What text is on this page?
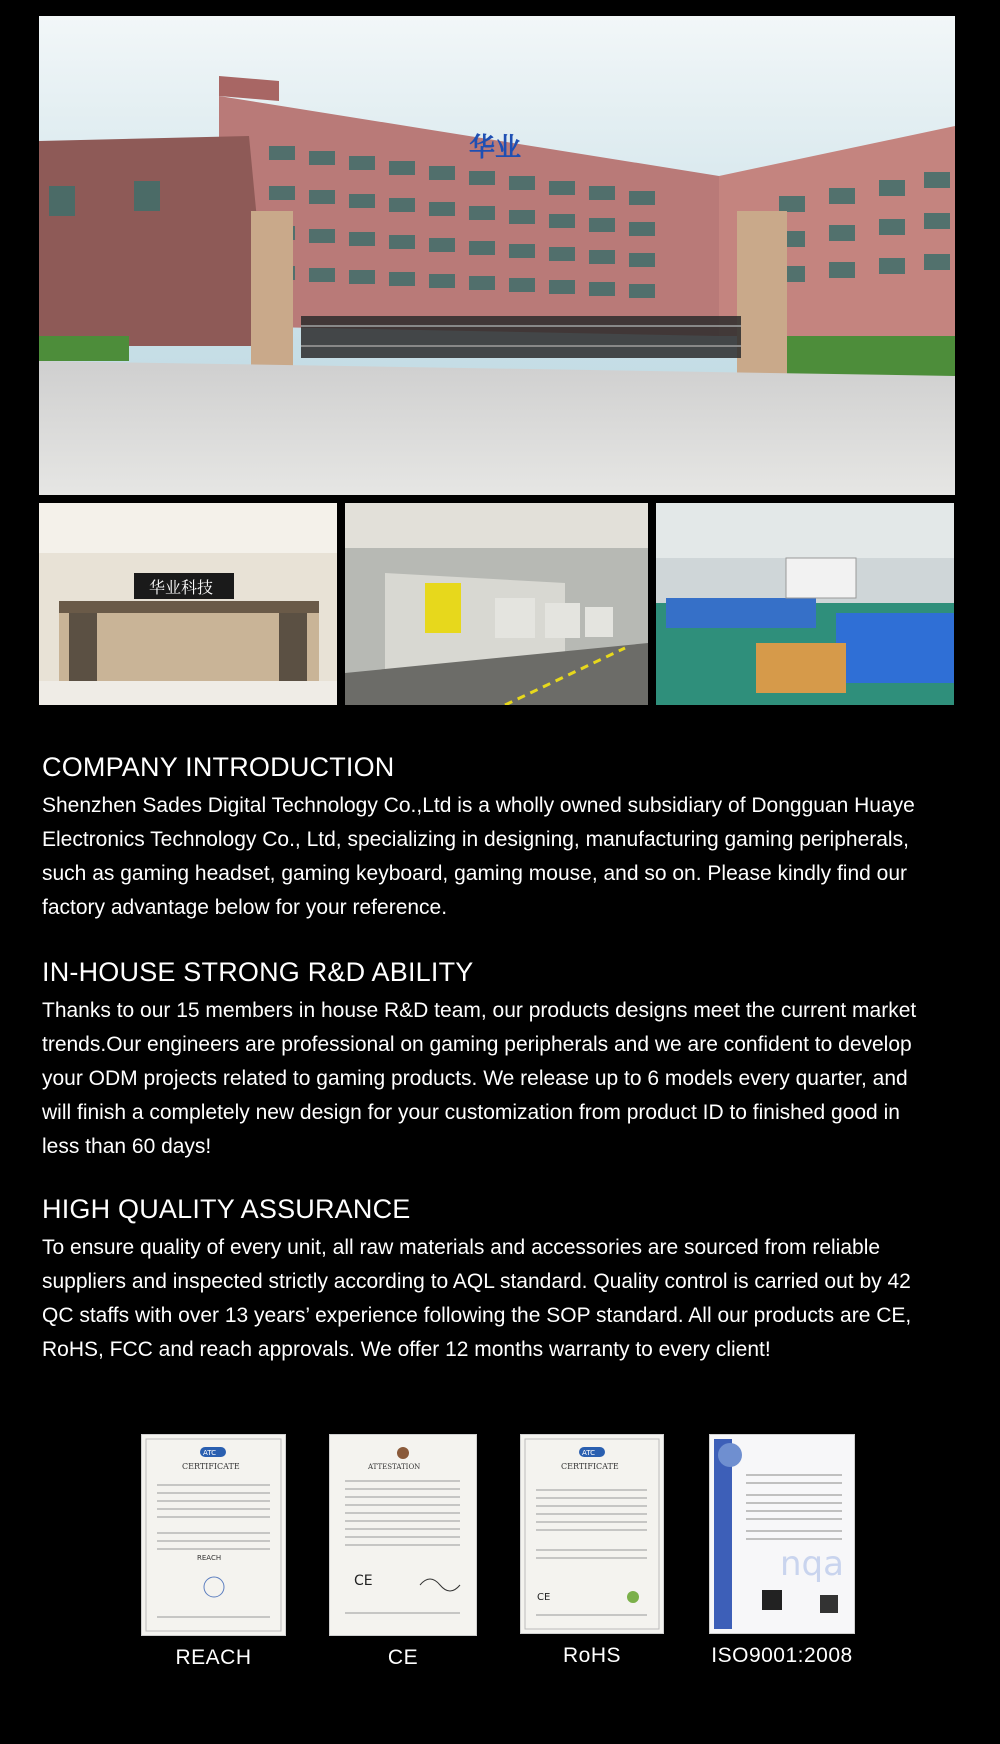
华业
华业科技
COMPANY INTRODUCTION

Shenzhen Sades Digital Technology Co.,Ltd is a wholly owned subsidiary of Dongguan Huaye
Electronics Technology Co., Ltd, specializing in designing, manufacturing gaming peripherals,
such as gaming headset, gaming keyboard, gaming mouse, and so on. Please kindly find our
factory advantage below for your reference.

IN-HOUSE STRONG R&D ABILITY

Thanks to our 15 members in house R&D team, our products designs meet the current market
trends.Our engineers are professional on gaming peripherals and we are confident to develop
your ODM projects related to gaming products. We release up to 6 models every quarter, and
will finish a completely new design for your customization from product ID to finished good in
less than 60 days!

HIGH QUALITY ASSURANCE

To ensure quality of every unit, all raw materials and accessories are sourced from reliable
suppliers and inspected strictly according to AQL standard. Quality control is carried out by 42
QC staffs with over 13 years’ experience following the SOP standard. All our products are CE,
RoHS, FCC and reach approvals. We offer 12 months warranty to every client!

ATC
CERTIFICATE
REACH
REACH
ATTESTATION
CE
CE
ATC
CERTIFICATE
CE
RoHS
nqa
ISO9001:2008
